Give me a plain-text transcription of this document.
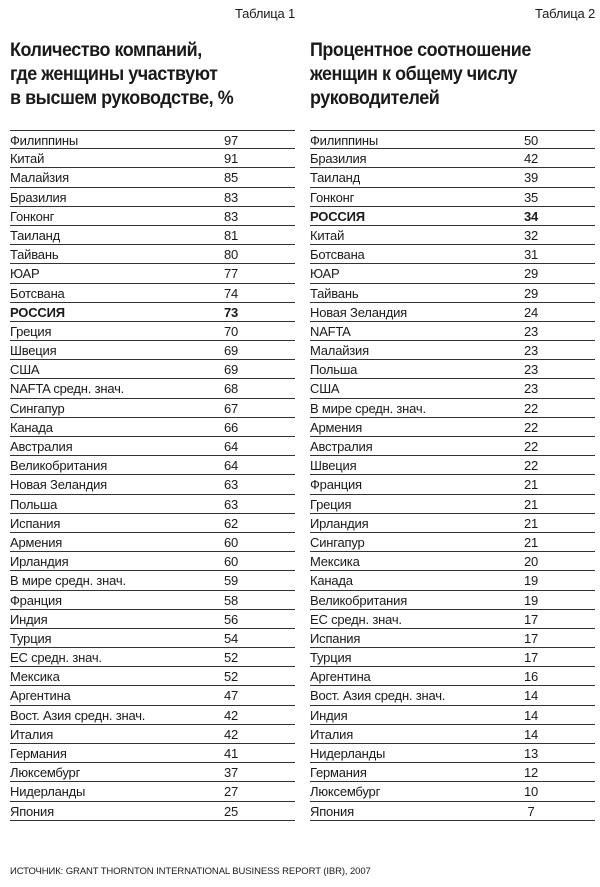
Таблица 1
Количество компаний,
где женщины участвуют
в высшем руководстве, %
Филиппины	97
Китай	91
Малайзия	85
Бразилия	83
Гонконг	83
Таиланд	81
Тайвань	80
ЮАР	77
Ботсвана	74
РОССИЯ	73
Греция	70
Швеция	69
США	69
NAFTA средн. знач.	68
Сингапур	67
Канада	66
Австралия	64
Великобритания	64
Новая Зеландия	63
Польша	63
Испания	62
Армения	60
Ирландия	60
В мире средн. знач.	59
Франция	58
Индия	56
Турция	54
ЕС средн. знач.	52
Мексика	52
Аргентина	47
Вост. Азия средн. знач.	42
Италия	42
Германия	41
Люксембург	37
Нидерланды	27
Япония	25
Таблица 2
Процентное соотношение
женщин к общему числу
руководителей
Филиппины	50
Бразилия	42
Таиланд	39
Гонконг	35
РОССИЯ	34
Китай	32
Ботсвана	31
ЮАР	29
Тайвань	29
Новая Зеландия	24
NAFTA	23
Малайзия	23
Польша	23
США	23
В мире средн. знач.	22
Армения	22
Австралия	22
Швеция	22
Франция	21
Греция	21
Ирландия	21
Сингапур	21
Мексика	20
Канада	19
Великобритания	19
ЕС средн. знач.	17
Испания	17
Турция	17
Аргентина	16
Вост. Азия средн. знач.	14
Индия	14
Италия	14
Нидерланды	13
Германия	12
Люксембург	10
Япония	7
ИСТОЧНИК: GRANT THORNTON INTERNATIONAL BUSINESS REPORT (IBR), 2007
